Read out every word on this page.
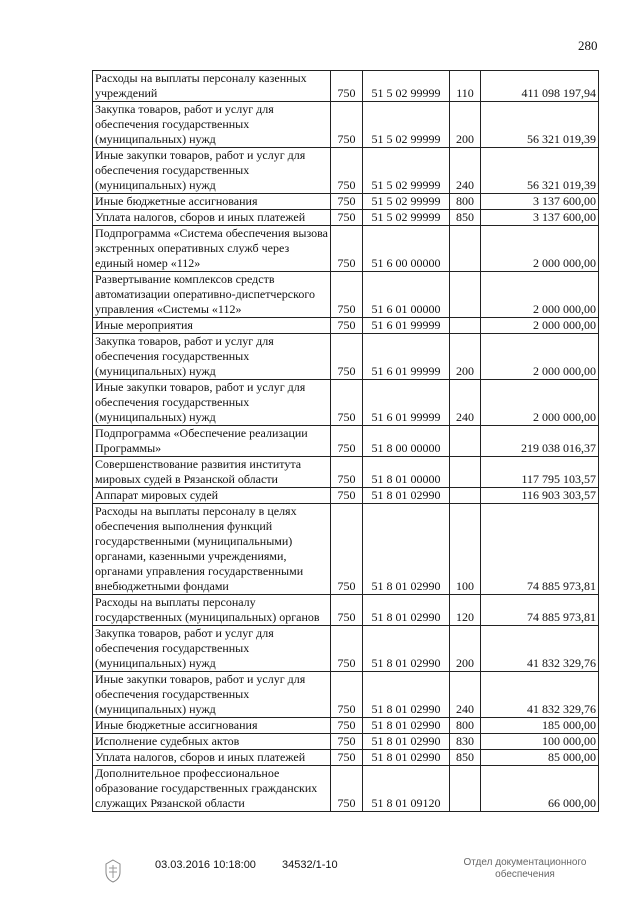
280
Расходы на выплаты персоналу казенных учреждений	750	51 5 02 99999	110	411 098 197,94
Закупка товаров, работ и услуг для обеспечения государственных (муниципальных) нужд	750	51 5 02 99999	200	56 321 019,39
Иные закупки товаров, работ и услуг для обеспечения государственных (муниципальных) нужд	750	51 5 02 99999	240	56 321 019,39
Иные бюджетные ассигнования	750	51 5 02 99999	800	3 137 600,00
Уплата налогов, сборов и иных платежей	750	51 5 02 99999	850	3 137 600,00
Подпрограмма «Система обеспечения вызова экстренных оперативных служб через единый номер «112»	750	51 6 00 00000		2 000 000,00
Развертывание комплексов средств автоматизации оперативно-диспетчерского управления «Системы «112»	750	51 6 01 00000		2 000 000,00
Иные мероприятия	750	51 6 01 99999		2 000 000,00
Закупка товаров, работ и услуг для обеспечения государственных (муниципальных) нужд	750	51 6 01 99999	200	2 000 000,00
Иные закупки товаров, работ и услуг для обеспечения государственных (муниципальных) нужд	750	51 6 01 99999	240	2 000 000,00
Подпрограмма «Обеспечение реализации Программы»	750	51 8 00 00000		219 038 016,37
Совершенствование развития института мировых судей в Рязанской области	750	51 8 01 00000		117 795 103,57
Аппарат мировых судей	750	51 8 01 02990		116 903 303,57
Расходы на выплаты персоналу в целях обеспечения выполнения функций государственными (муниципальными) органами, казенными учреждениями, органами управления государственными внебюджетными фондами	750	51 8 01 02990	100	74 885 973,81
Расходы на выплаты персоналу государственных (муниципальных) органов	750	51 8 01 02990	120	74 885 973,81
Закупка товаров, работ и услуг для обеспечения государственных (муниципальных) нужд	750	51 8 01 02990	200	41 832 329,76
Иные закупки товаров, работ и услуг для обеспечения государственных (муниципальных) нужд	750	51 8 01 02990	240	41 832 329,76
Иные бюджетные ассигнования	750	51 8 01 02990	800	185 000,00
Исполнение судебных актов	750	51 8 01 02990	830	100 000,00
Уплата налогов, сборов и иных платежей	750	51 8 01 02990	850	85 000,00
Дополнительное профессиональное образование государственных гражданских служащих Рязанской области	750	51 8 01 09120		66 000,00
03.03.2016 10:18:00 34532/1-10	Отдел документационного
обеспечения
